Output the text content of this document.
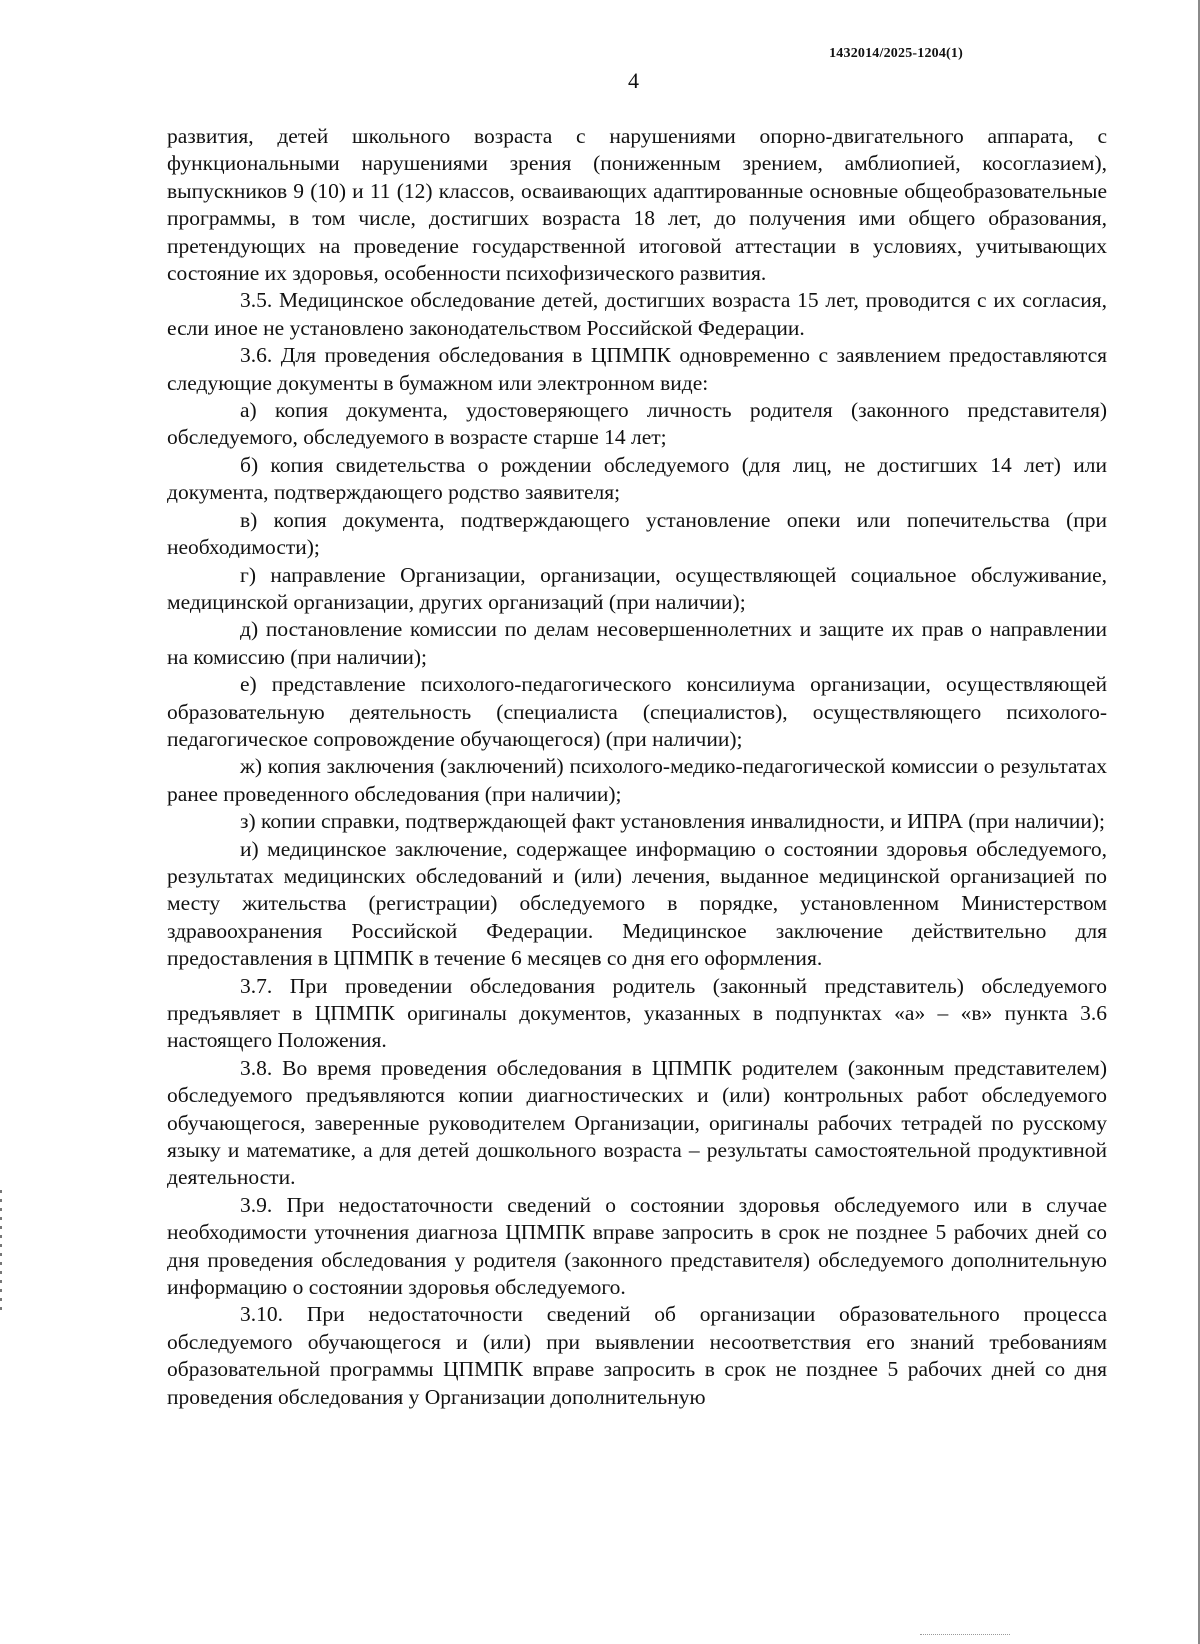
1432014/2025-1204(1)
4

развития, детей школьного возраста с нарушениями опорно-двигательного аппарата, с функциональными нарушениями зрения (пониженным зрением, амблиопией, косоглазием), выпускников 9 (10) и 11 (12) классов, осваивающих адаптированные основные общеобразовательные программы, в том числе, достигших возраста 18 лет, до получения ими общего образования, претендующих на проведение государственной итоговой аттестации в условиях, учитывающих состояние их здоровья, особенности психофизического развития.

3.5. Медицинское обследование детей, достигших возраста 15 лет, проводится с их согласия, если иное не установлено законодательством Российской Федерации.

3.6. Для проведения обследования в ЦПМПК одновременно с заявлением предоставляются следующие документы в бумажном или электронном виде:

а) копия документа, удостоверяющего личность родителя (законного представителя) обследуемого, обследуемого в возрасте старше 14 лет;

б) копия свидетельства о рождении обследуемого (для лиц, не достигших 14 лет) или документа, подтверждающего родство заявителя;

в) копия документа, подтверждающего установление опеки или попечительства (при необходимости);

г) направление Организации, организации, осуществляющей социальное обслуживание, медицинской организации, других организаций (при наличии);

д) постановление комиссии по делам несовершеннолетних и защите их прав о направлении на комиссию (при наличии);

е) представление психолого-педагогического консилиума организации, осуществляющей образовательную деятельность (специалиста (специалистов), осуществляющего психолого-педагогическое сопровождение обучающегося) (при наличии);

ж) копия заключения (заключений) психолого-медико-педагогической комиссии о результатах ранее проведенного обследования (при наличии);

з) копии справки, подтверждающей факт установления инвалидности, и ИПРА (при наличии);

и) медицинское заключение, содержащее информацию о состоянии здоровья обследуемого, результатах медицинских обследований и (или) лечения, выданное медицинской организацией по месту жительства (регистрации) обследуемого в порядке, установленном Министерством здравоохранения Российской Федерации. Медицинское заключение действительно для предоставления в ЦПМПК в течение 6 месяцев со дня его оформления.

3.7. При проведении обследования родитель (законный представитель) обследуемого предъявляет в ЦПМПК оригиналы документов, указанных в подпунктах «а» – «в» пункта 3.6 настоящего Положения.

3.8. Во время проведения обследования в ЦПМПК родителем (законным представителем) обследуемого предъявляются копии диагностических и (или) контрольных работ обследуемого обучающегося, заверенные руководителем Организации, оригиналы рабочих тетрадей по русскому языку и математике, а для детей дошкольного возраста – результаты самостоятельной продуктивной деятельности.

3.9. При недостаточности сведений о состоянии здоровья обследуемого или в случае необходимости уточнения диагноза ЦПМПК вправе запросить в срок не позднее 5 рабочих дней со дня проведения обследования у родителя (законного представителя) обследуемого дополнительную информацию о состоянии здоровья обследуемого.

3.10. При недостаточности сведений об организации образовательного процесса обследуемого обучающегося и (или) при выявлении несоответствия его знаний требованиям образовательной программы ЦПМПК вправе запросить в срок не позднее 5 рабочих дней со дня проведения обследования у Организации дополнительную
